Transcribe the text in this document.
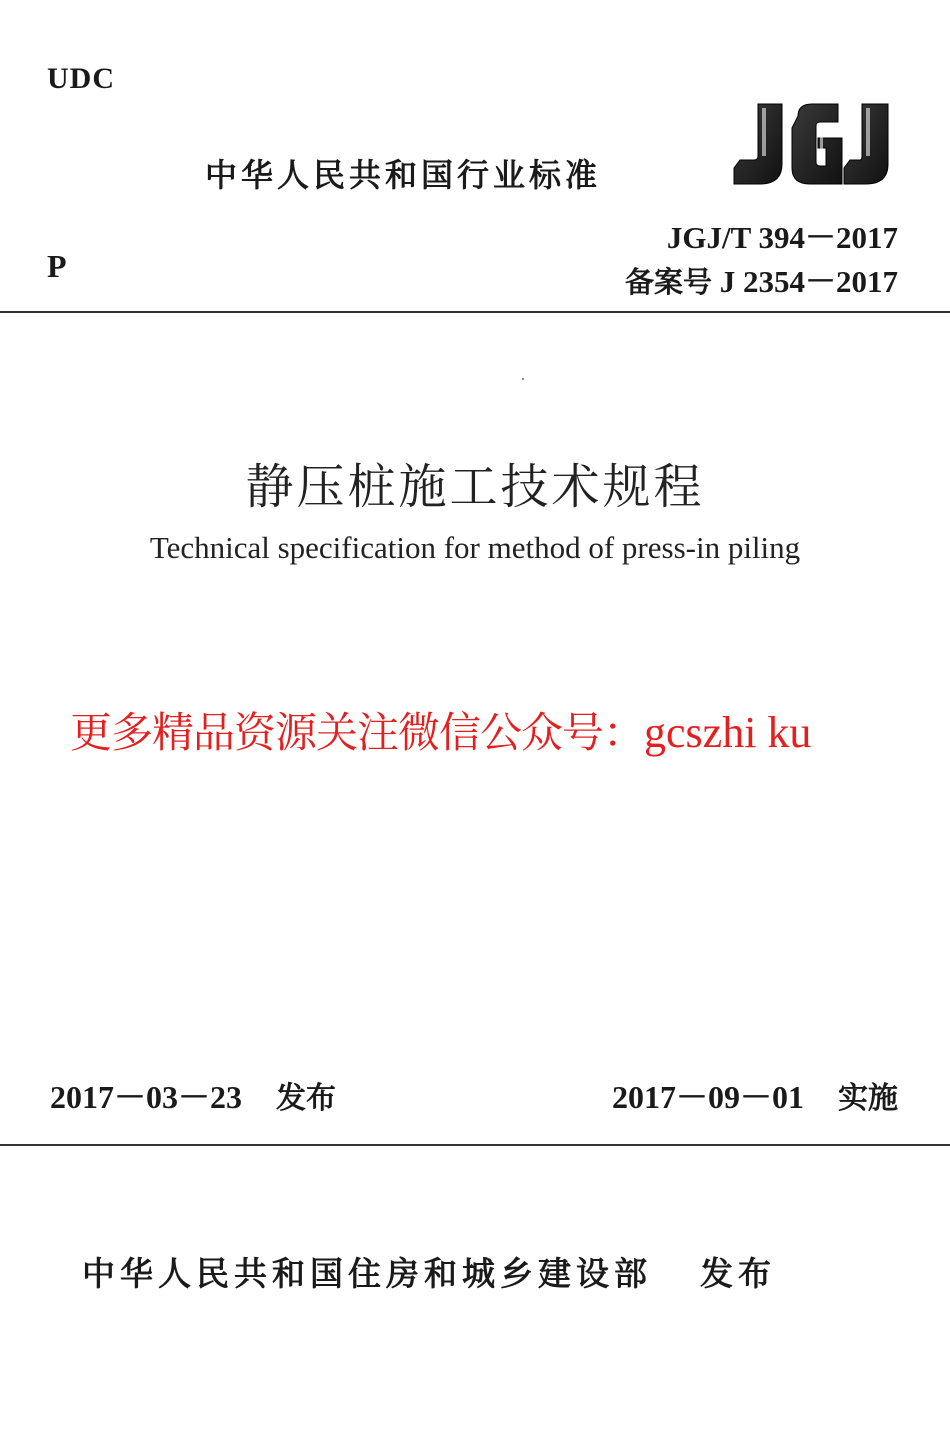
UDC
中华人民共和国行业标准
JGJ/T 394－2017
备案号 J 2354－2017
P
静压桩施工技术规程
Technical specification for method of press-in piling
更多精品资源关注微信公众号：gcszhi ku
2017－03－23 发布	2017－09－01 实施
中华人民共和国住房和城乡建设部 发布
